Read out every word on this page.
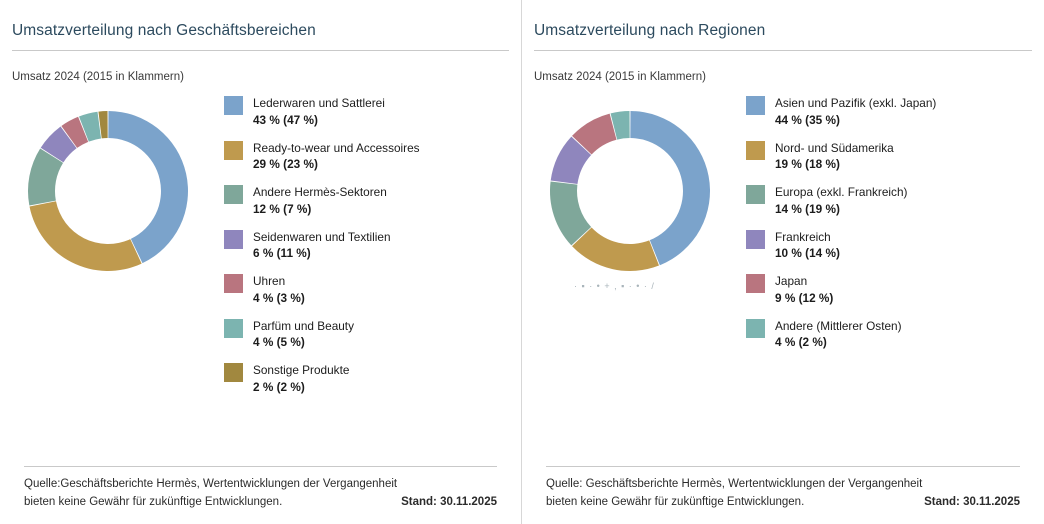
Umsatzverteilung nach Geschäftsbereichen
Umsatz 2024 (2015 in Klammern)
Lederwaren und Sattlerei
43 % (47 %)
Ready-to-wear und Accessoires
29 % (23 %)
Andere Hermès-Sektoren
12 % (7 %)
Seidenwaren und Textilien
6 % (11 %)
Uhren
4 % (3 %)
Parfüm und Beauty
4 % (5 %)
Sonstige Produkte
2 % (2 %)
Quelle:Geschäftsberichte Hermès, Wertentwicklungen der Vergangenheit
bieten keine Gewähr für zukünftige Entwicklungen.	Stand: 30.11.2025
Umsatzverteilung nach Regionen
Umsatz 2024 (2015 in Klammern)
· ▪ · • + , ▪ · • · /
Asien und Pazifik (exkl. Japan)
44 % (35 %)
Nord- und Südamerika
19 % (18 %)
Europa (exkl. Frankreich)
14 % (19 %)
Frankreich
10 % (14 %)
Japan
9 % (12 %)
Andere (Mittlerer Osten)
4 % (2 %)
Quelle: Geschäftsberichte Hermès, Wertentwicklungen der Vergangenheit
bieten keine Gewähr für zukünftige Entwicklungen.	Stand: 30.11.2025
